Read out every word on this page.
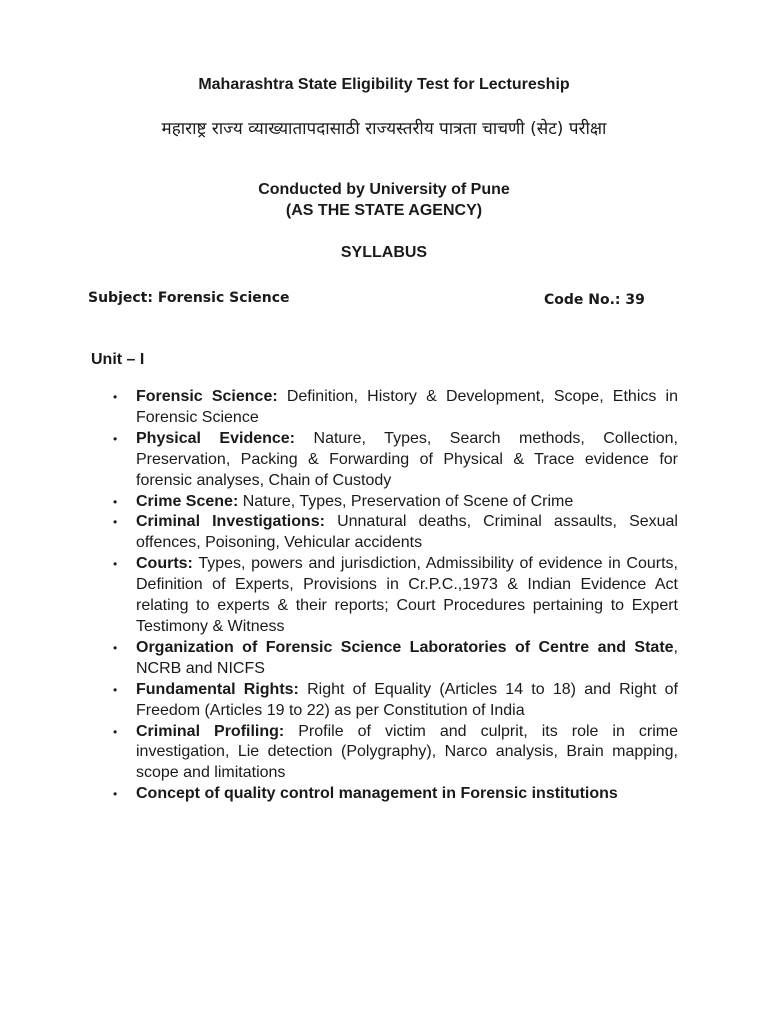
Maharashtra State Eligibility Test for Lectureship
महाराष्ट्र राज्य व्याख्यातापदासाठी राज्यस्तरीय पात्रता चाचणी (सेट) परीक्षा
Conducted by University of Pune
(AS THE STATE AGENCY)
SYLLABUS
Subject: Forensic Science	Code No.: 39
Unit – I
• Forensic Science: Definition, History & Development, Scope, Ethics in Forensic Science
• Physical Evidence: Nature, Types, Search methods, Collection, Preservation, Packing & Forwarding of Physical & Trace evidence for forensic analyses, Chain of Custody
• Crime Scene: Nature, Types, Preservation of Scene of Crime
• Criminal Investigations: Unnatural deaths, Criminal assaults, Sexual offences, Poisoning, Vehicular accidents
• Courts: Types, powers and jurisdiction, Admissibility of evidence in Courts, Definition of Experts, Provisions in Cr.P.C.,1973 & Indian Evidence Act relating to experts & their reports; Court Procedures pertaining to Expert Testimony & Witness
• Organization of Forensic Science Laboratories of Centre and State, NCRB and NICFS
• Fundamental Rights: Right of Equality (Articles 14 to 18) and Right of Freedom (Articles 19 to 22) as per Constitution of India
• Criminal Profiling: Profile of victim and culprit, its role in crime investigation, Lie detection (Polygraphy), Narco analysis, Brain mapping, scope and limitations
• Concept of quality control management in Forensic institutions
